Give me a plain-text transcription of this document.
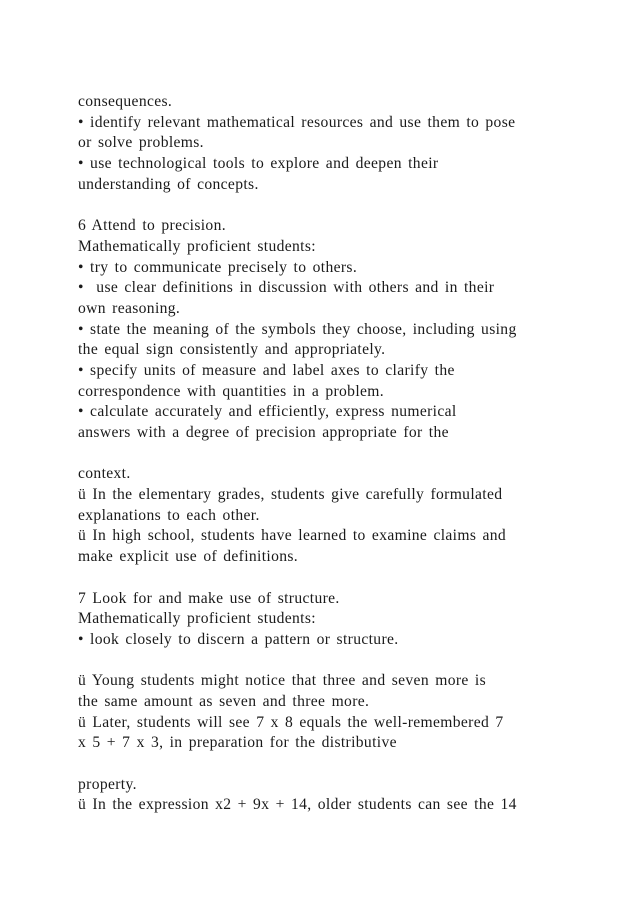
consequences.
• identify relevant mathematical resources and use them to pose
or solve problems.
• use technological tools to explore and deepen their
understanding of concepts.
6 Attend to precision.
Mathematically proficient students:
• try to communicate precisely to others.
•  use clear definitions in discussion with others and in their
own reasoning.
• state the meaning of the symbols they choose, including using
the equal sign consistently and appropriately.
• specify units of measure and label axes to clarify the
correspondence with quantities in a problem.
• calculate accurately and efficiently, express numerical
answers with a degree of precision appropriate for the
context.
ü In the elementary grades, students give carefully formulated
explanations to each other.
ü In high school, students have learned to examine claims and
make explicit use of definitions.
7 Look for and make use of structure.
Mathematically proficient students:
• look closely to discern a pattern or structure.
ü Young students might notice that three and seven more is
the same amount as seven and three more.
ü Later, students will see 7 x 8 equals the well-remembered 7
x 5 + 7 x 3, in preparation for the distributive
property.
ü In the expression x2 + 9x + 14, older students can see the 14
